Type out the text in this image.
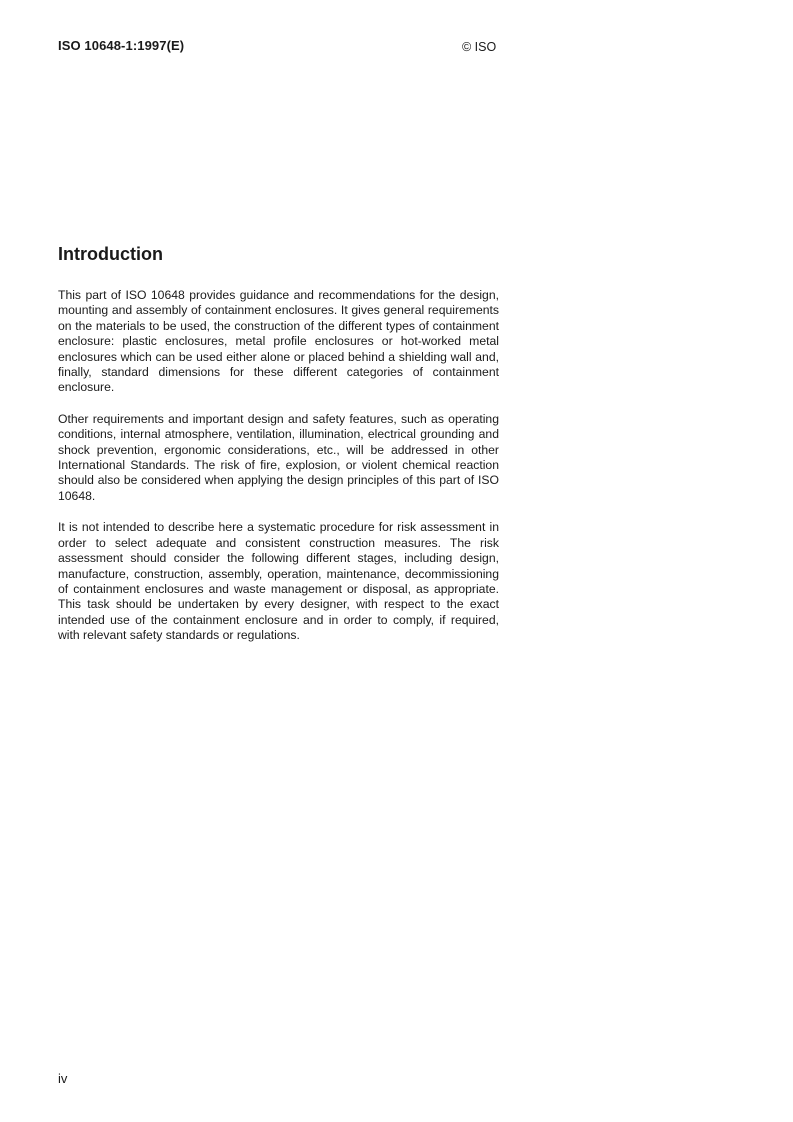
ISO 10648-1:1997(E)	© ISO
Introduction

This part of ISO 10648 provides guidance and recommendations for the design, mounting and assembly of containment enclosures. It gives general requirements on the materials to be used, the construction of the different types of containment enclosure: plastic enclosures, metal profile enclosures or hot-worked metal enclosures which can be used either alone or placed behind a shielding wall and, finally, standard dimensions for these different categories of containment enclosure.

Other requirements and important design and safety features, such as operating conditions, internal atmosphere, ventilation, illumination, electrical grounding and shock prevention, ergonomic considerations, etc., will be addressed in other International Standards. The risk of fire, explosion, or violent chemical reaction should also be considered when applying the design principles of this part of ISO 10648.

It is not intended to describe here a systematic procedure for risk assessment in order to select adequate and consistent construction measures. The risk assessment should consider the following different stages, including design, manufacture, construction, assembly, operation, maintenance, decommissioning of containment enclosures and waste management or disposal, as appropriate. This task should be undertaken by every designer, with respect to the exact intended use of the containment enclosure and in order to comply, if required, with relevant safety standards or regulations.

iv
